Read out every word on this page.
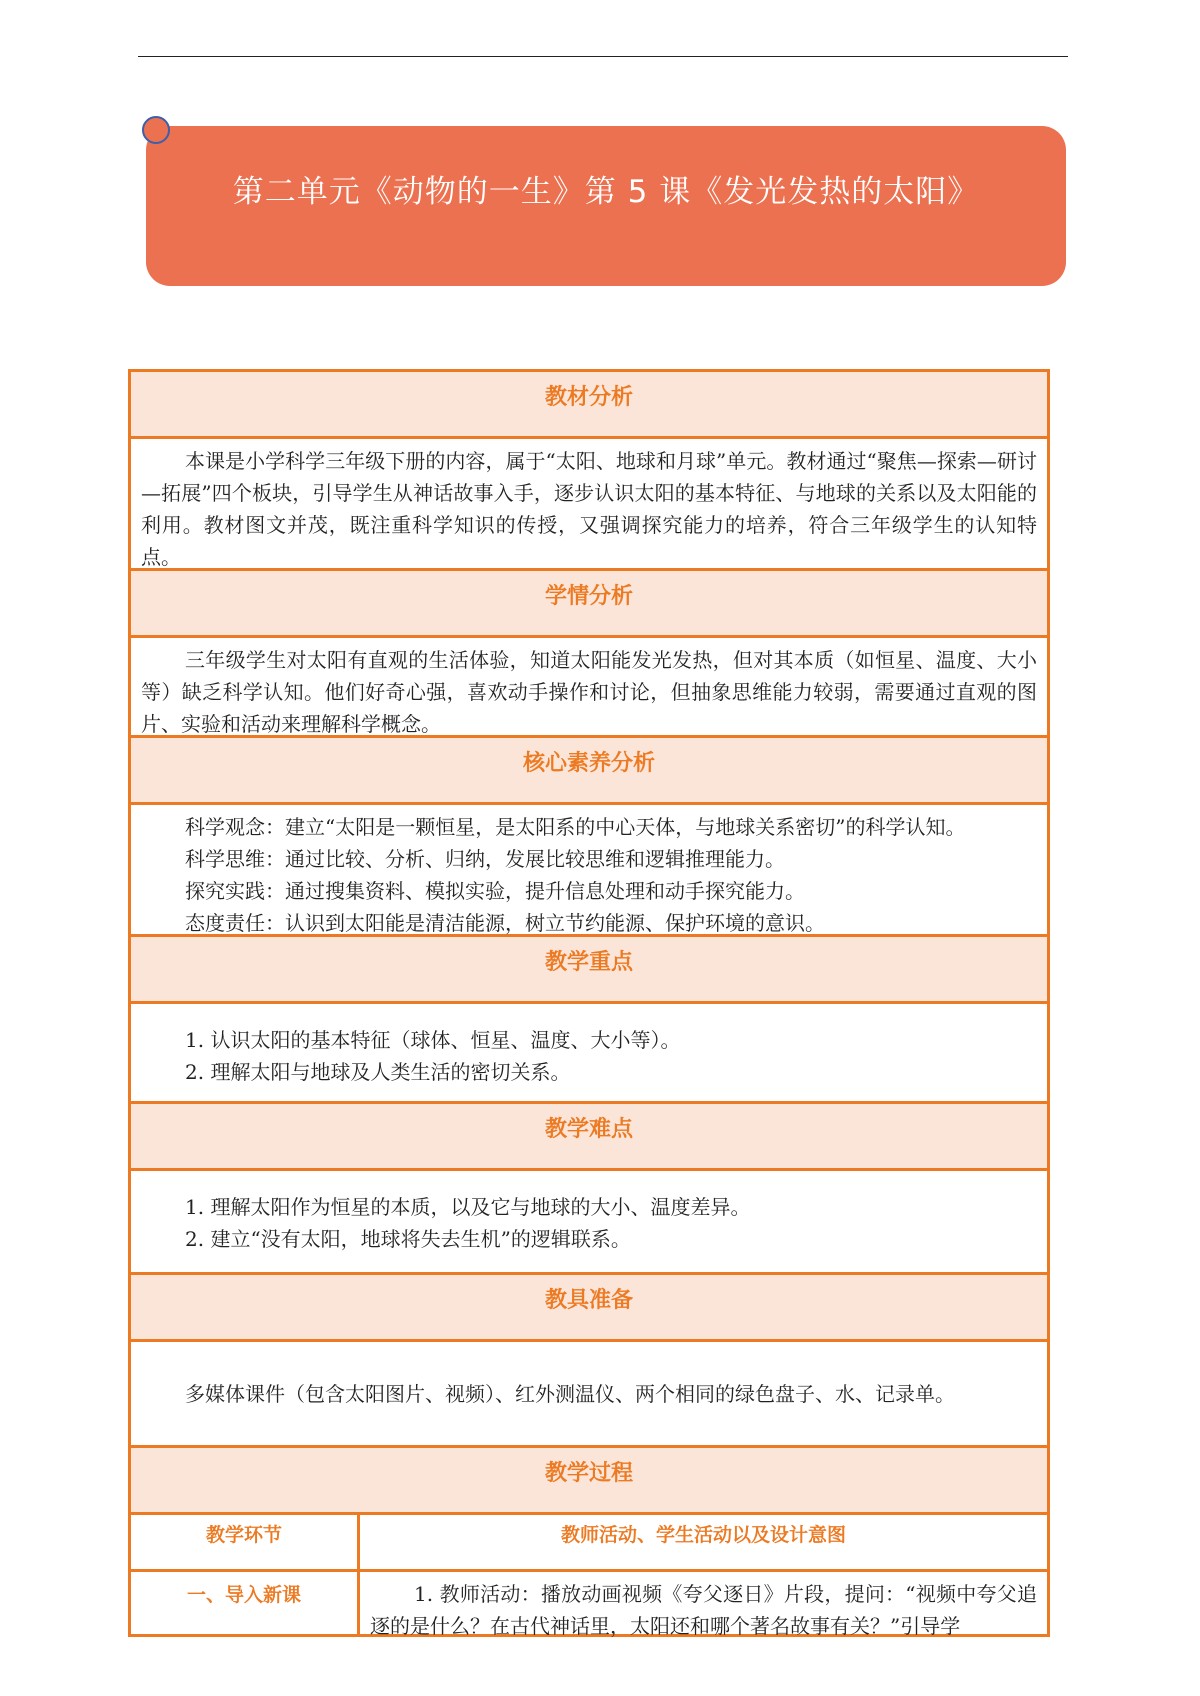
第二单元《动物的一生》第 5 课《发光发热的太阳》
教材分析
本课是小学科学三年级下册的内容，属于“太阳、地球和月球”单元。教材通过“聚焦—探索—研讨—拓展”四个板块，引导学生从神话故事入手，逐步认识太阳的基本特征、与地球的关系以及太阳能的利用。教材图文并茂，既注重科学知识的传授，又强调探究能力的培养，符合三年级学生的认知特点。
学情分析
三年级学生对太阳有直观的生活体验，知道太阳能发光发热，但对其本质（如恒星、温度、大小等）缺乏科学认知。他们好奇心强，喜欢动手操作和讨论，但抽象思维能力较弱，需要通过直观的图片、实验和活动来理解科学概念。
核心素养分析
科学观念：建立“太阳是一颗恒星，是太阳系的中心天体，与地球关系密切”的科学认知。
科学思维：通过比较、分析、归纳，发展比较思维和逻辑推理能力。
探究实践：通过搜集资料、模拟实验，提升信息处理和动手探究能力。
态度责任：认识到太阳能是清洁能源，树立节约能源、保护环境的意识。
教学重点
1. 认识太阳的基本特征（球体、恒星、温度、大小等）。
2. 理解太阳与地球及人类生活的密切关系。
教学难点
1. 理解太阳作为恒星的本质，以及它与地球的大小、温度差异。
2. 建立“没有太阳，地球将失去生机”的逻辑联系。
教具准备
多媒体课件（包含太阳图片、视频）、红外测温仪、两个相同的绿色盘子、水、记录单。
教学过程
教学环节	教师活动、学生活动以及设计意图
一、导入新课	1. 教师活动：播放动画视频《夸父逐日》片段，提问：“视频中夸父追逐的是什么？在古代神话里，太阳还和哪个著名故事有关？”引导学
